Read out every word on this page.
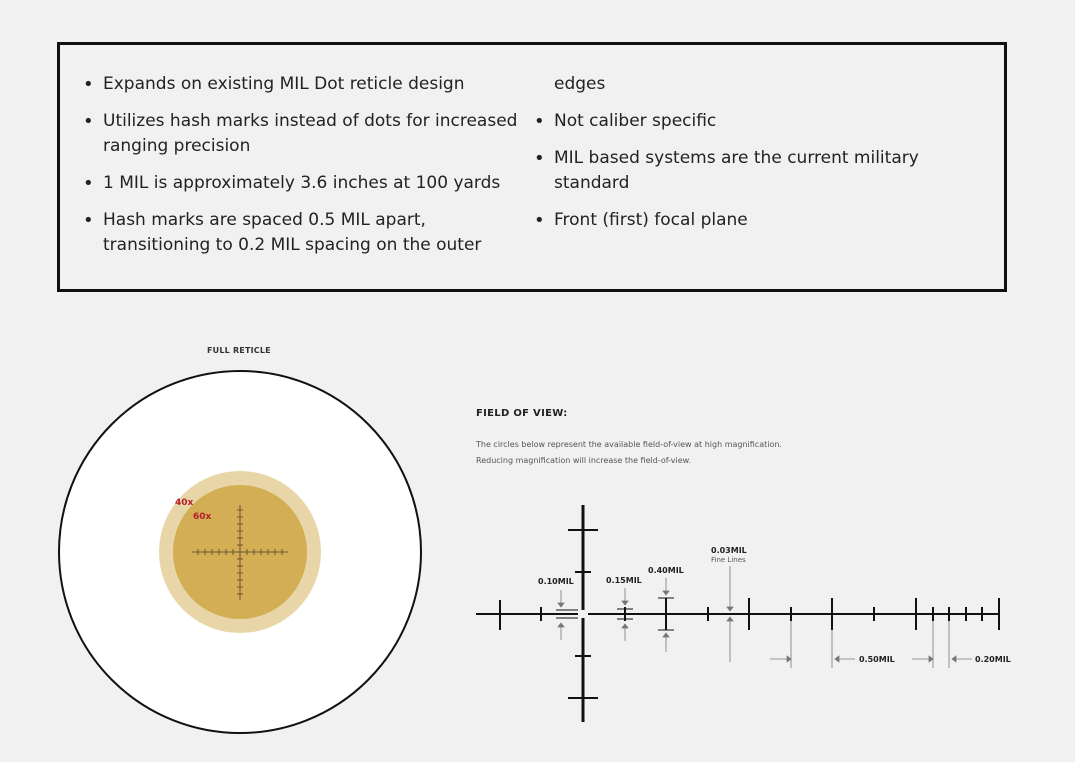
• Expands on existing MIL Dot reticle design
• Utilizes hash marks instead of dots for increased ranging precision
• 1 MIL is approximately 3.6 inches at 100 yards
• Hash marks are spaced 0.5 MIL apart, transitioning to 0.2 MIL spacing on the outer
edges
• Not caliber specific
• MIL based systems are the current military standard
• Front (first) focal plane
FULL RETICLE
40x
60x
FIELD OF VIEW:
The circles below represent the available field-of-view at high magnification.
Reducing magnification will increase the field-of-view.
0.10MIL	0.15MIL
0.40MIL
0.03MIL
Fine Lines
0.50MIL	0.20MIL
